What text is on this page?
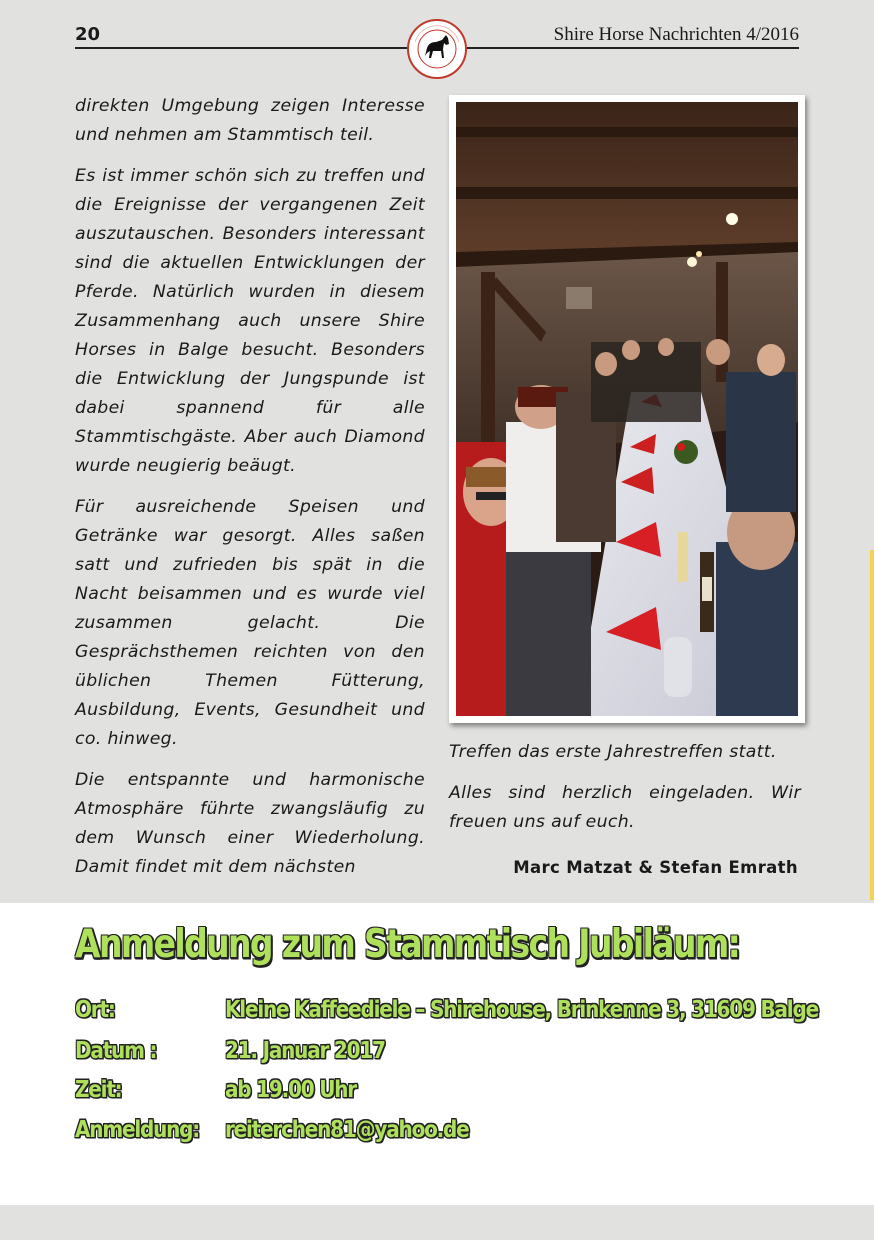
20	Shire Horse Nachrichten 4/2016

direkten Umgebung zeigen Interesse und nehmen am Stammtisch teil.

Es ist immer schön sich zu treffen und die Ereignisse der vergangenen Zeit auszutauschen. Besonders interessant sind die aktuellen Entwicklungen der Pferde. Natürlich wurden in diesem Zusammenhang auch unsere Shire Horses in Balge besucht. Besonders die Entwicklung der Jungspunde ist dabei spannend für alle Stammtischgäste. Aber auch Diamond wurde neugierig beäugt.

Für ausreichende Speisen und Getränke war gesorgt. Alles saßen satt und zufrieden bis spät in die Nacht beisammen und es wurde viel zusammen gelacht. Die Gesprächsthemen reichten von den üblichen Themen Fütterung, Ausbildung, Events, Gesundheit und co. hinweg.

Die entspannte und harmonische Atmosphäre führte zwangsläufig zu dem Wunsch einer Wiederholung. Damit findet mit dem nächsten

Treffen das erste Jahrestreffen statt.

Alles sind herzlich eingeladen. Wir freuen uns auf euch.

Marc Matzat & Stefan Emrath
Anmeldung zum Stammtisch Jubiläum:
Ort:	Kleine Kaffeediele – Shirehouse, Brinkenne 3, 31609 Balge
Datum :	21. Januar 2017
Zeit:	ab 19.00 Uhr
Anmeldung: reiterchen81@yahoo.de
